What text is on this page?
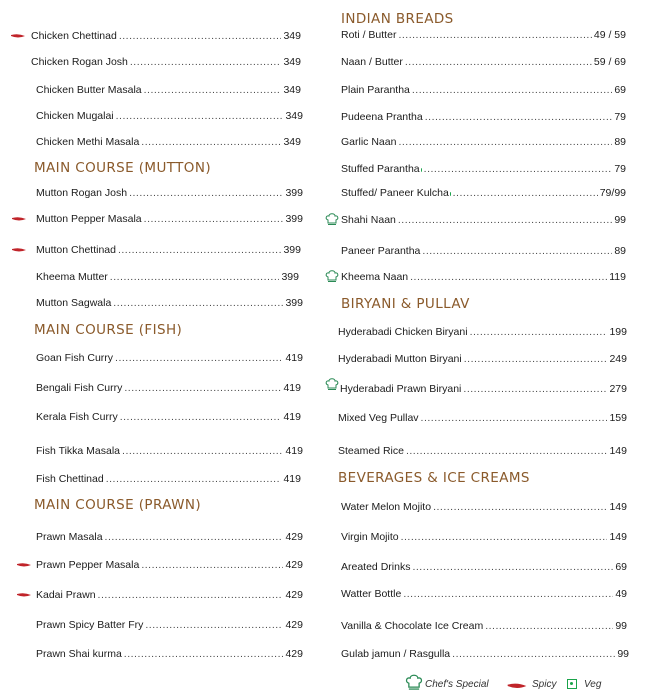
Chicken Chettinad .....	349
Chicken Rogan Josh .....	349
Chicken Butter Masala .....	349
Chicken Mugalai .....	349
Chicken Methi Masala .....	349
MAIN COURSE (MUTTON)
Mutton Rogan Josh .....	399
Mutton Pepper Masala .....	399
Mutton Chettinad .....	399
Kheema Mutter .....	399
Mutton Sagwala .....	399
MAIN COURSE (FISH)
Goan Fish Curry .....	419
Bengali Fish Curry .....	419
Kerala Fish Curry .....	419
Fish Tikka Masala .....	419
Fish Chettinad .....	419
MAIN COURSE (PRAWN)
Prawn Masala .....	429
Prawn Pepper Masala .....	429
Kadai Prawn .....	429
Prawn Spicy Batter Fry .....	429
Prawn Shai kurma .....	429
INDIAN BREADS
Roti / Butter .....	49 / 59
Naan / Butter .....	59 / 69
Plain Parantha .....	69
Pudeena Prantha .....	79
Garlic Naan .....	89
Stuffed Parantha .....	79
Stuffed/ Paneer Kulcha .....	79/99
Shahi Naan .....	99
Paneer Parantha .....	89
Kheema Naan .....	119
BIRYANI & PULLAV
Hyderabadi Chicken Biryani .....	199
Hyderabadi Mutton Biryani .....	249
Hyderabadi Prawn Biryani .....	279
Mixed Veg Pullav .....	159
Steamed Rice .....	149
BEVERAGES & ICE CREAMS
Water Melon Mojito .....	149
Virgin Mojito .....	149
Areated Drinks .....	69
Watter Bottle .....	49
Vanilla & Chocolate Ice Cream .....	99
Gulab jamun / Rasgulla .....	99
Chef's Special	Spicy	Veg
